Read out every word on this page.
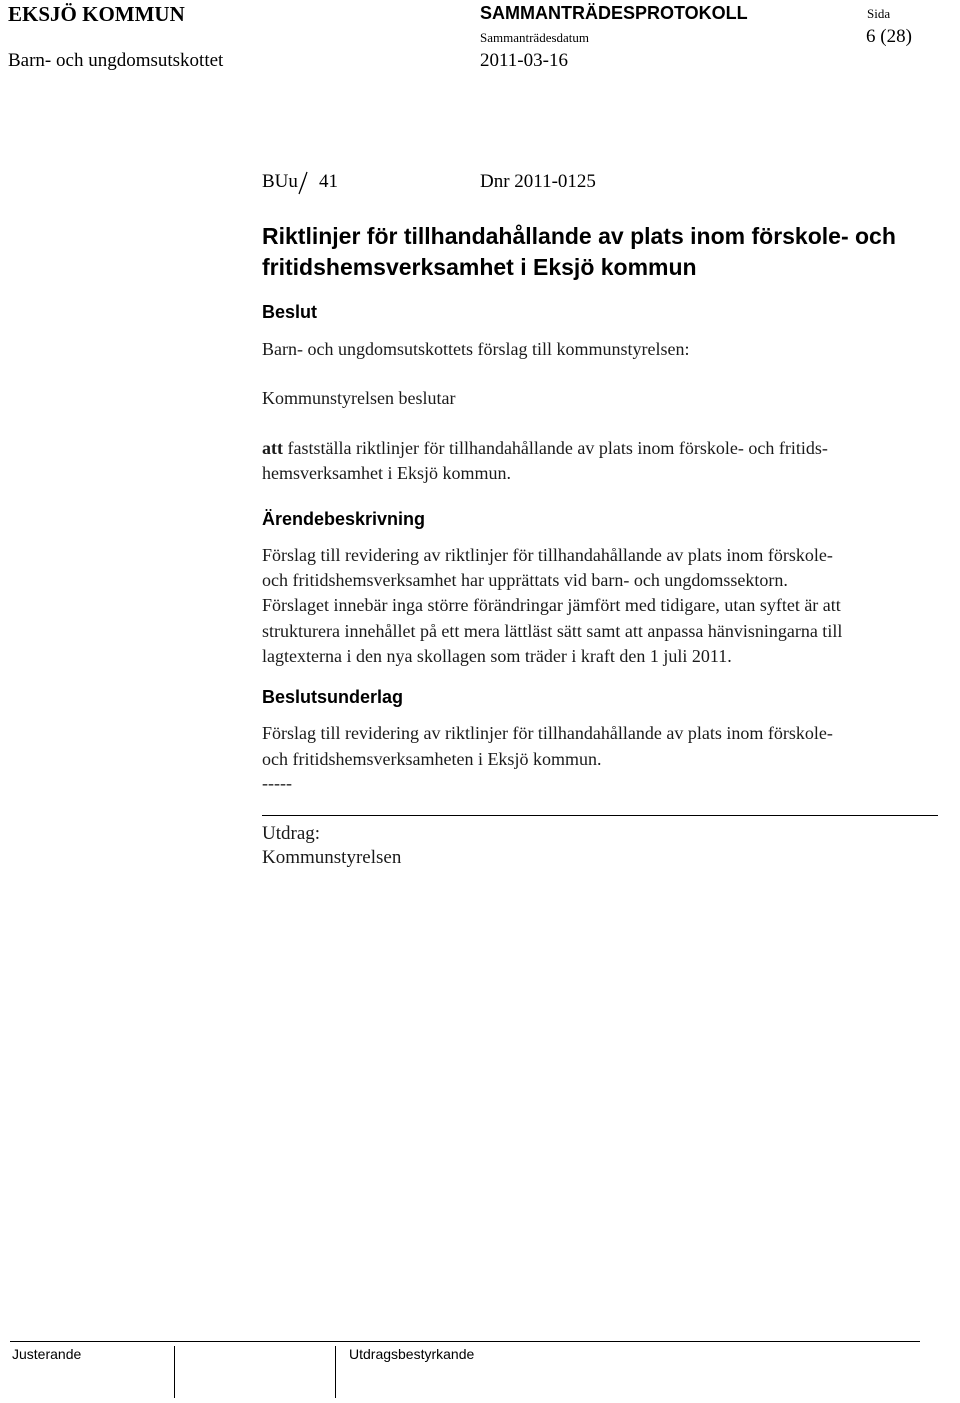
EKSJÖ KOMMUN
Barn- och ungdomsutskottet
SAMMANTRÄDESPROTOKOLL
Sammanträdesdatum
2011-03-16
Sida
6 (28)
BUu 41	Dnr 2011-0125
Riktlinjer för tillhandahållande av plats inom förskole- och
fritidshemsverksamhet i Eksjö kommun
Beslut
Barn- och ungdomsutskottets förslag till kommunstyrelsen:
Kommunstyrelsen beslutar
att fastställa riktlinjer för tillhandahållande av plats inom förskole- och fritids-
hemsverksamhet i Eksjö kommun.
Ärendebeskrivning
Förslag till revidering av riktlinjer för tillhandahållande av plats inom förskole-
och fritidshemsverksamhet har upprättats vid barn- och ungdomssektorn.
Förslaget innebär inga större förändringar jämfört med tidigare, utan syftet är att
strukturera innehållet på ett mera lättläst sätt samt att anpassa hänvisningarna till
lagtexterna i den nya skollagen som träder i kraft den 1 juli 2011.
Beslutsunderlag
Förslag till revidering av riktlinjer för tillhandahållande av plats inom förskole-
och fritidshemsverksamheten i Eksjö kommun.
-----
Utdrag:
Kommunstyrelsen
Justerande	Utdragsbestyrkande
